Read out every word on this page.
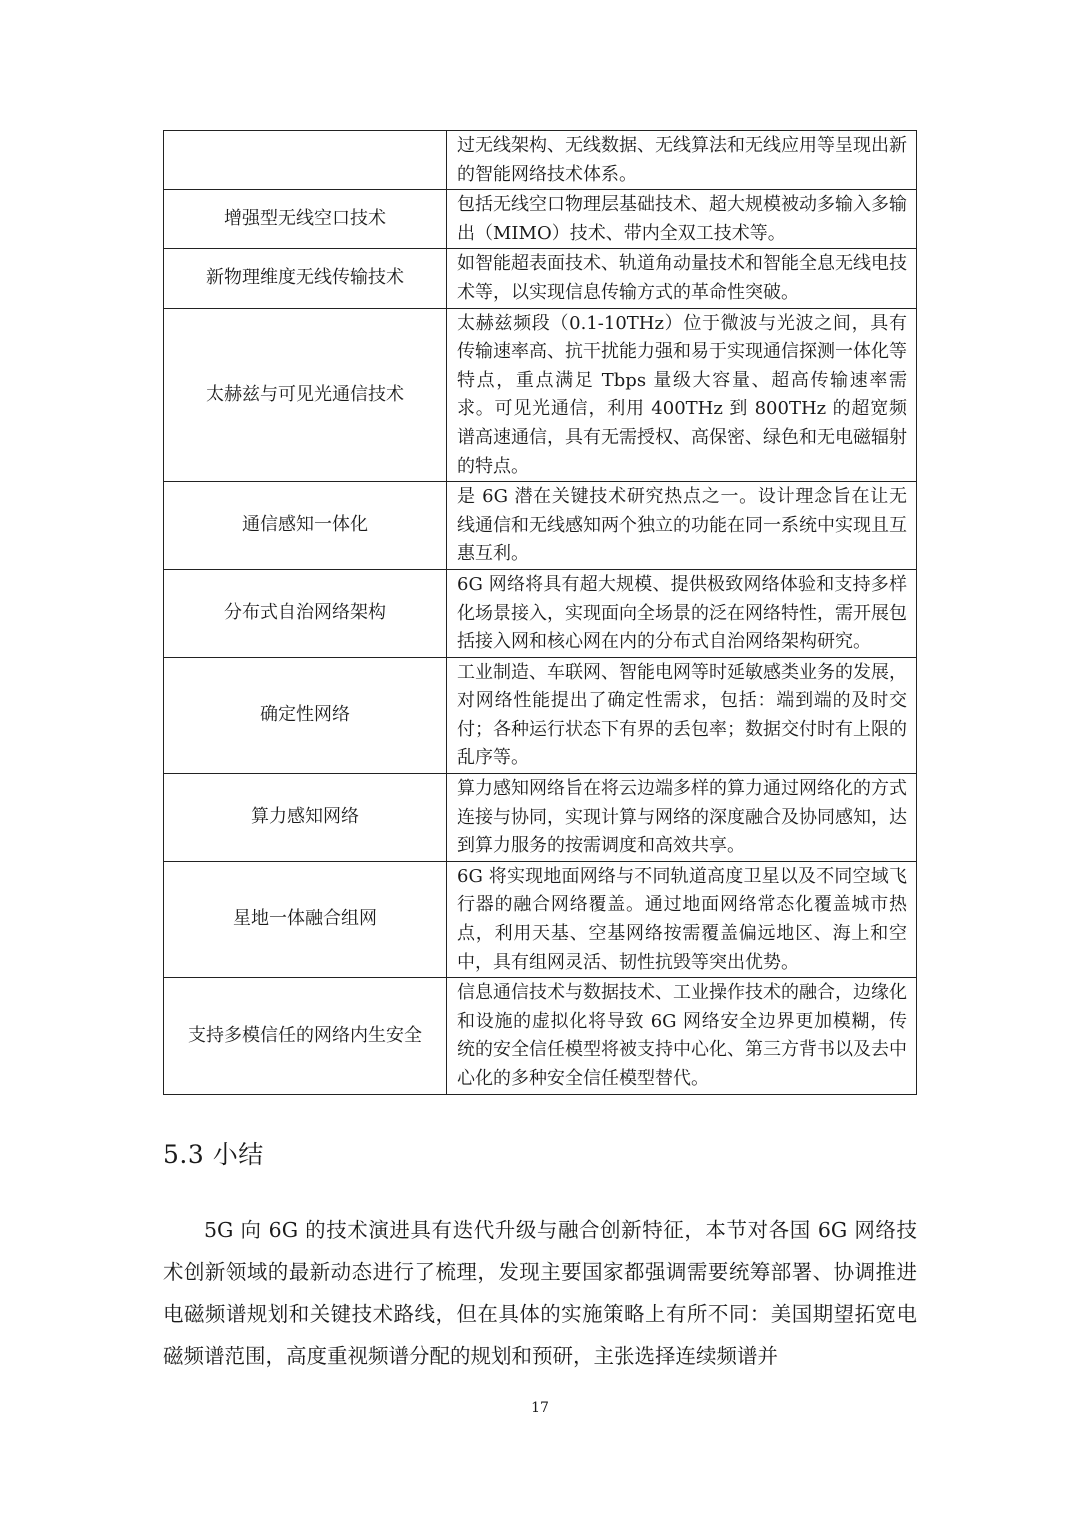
	过无线架构、无线数据、无线算法和无线应用等呈现出新的智能网络技术体系。
增强型无线空口技术	包括无线空口物理层基础技术、超大规模被动多输入多输出（MIMO）技术、带内全双工技术等。
新物理维度无线传输技术	如智能超表面技术、轨道角动量技术和智能全息无线电技术等，以实现信息传输方式的革命性突破。
太赫兹与可见光通信技术	太赫兹频段（0.1-10THz）位于微波与光波之间，具有传输速率高、抗干扰能力强和易于实现通信探测一体化等特点，重点满足 Tbps 量级大容量、超高传输速率需求。可见光通信，利用 400THz 到 800THz 的超宽频谱高速通信，具有无需授权、高保密、绿色和无电磁辐射的特点。
通信感知一体化	是 6G 潜在关键技术研究热点之一。设计理念旨在让无线通信和无线感知两个独立的功能在同一系统中实现且互惠互利。
分布式自治网络架构	6G 网络将具有超大规模、提供极致网络体验和支持多样化场景接入，实现面向全场景的泛在网络特性，需开展包括接入网和核心网在内的分布式自治网络架构研究。
确定性网络	工业制造、车联网、智能电网等时延敏感类业务的发展，对网络性能提出了确定性需求，包括：端到端的及时交付；各种运行状态下有界的丢包率；数据交付时有上限的乱序等。
算力感知网络	算力感知网络旨在将云边端多样的算力通过网络化的方式连接与协同，实现计算与网络的深度融合及协同感知，达到算力服务的按需调度和高效共享。
星地一体融合组网	6G 将实现地面网络与不同轨道高度卫星以及不同空域飞行器的融合网络覆盖。通过地面网络常态化覆盖城市热点，利用天基、空基网络按需覆盖偏远地区、海上和空中，具有组网灵活、韧性抗毁等突出优势。
支持多模信任的网络内生安全	信息通信技术与数据技术、工业操作技术的融合，边缘化和设施的虚拟化将导致 6G 网络安全边界更加模糊，传统的安全信任模型将被支持中心化、第三方背书以及去中心化的多种安全信任模型替代。
5.3 小结

5G 向 6G 的技术演进具有迭代升级与融合创新特征，本节对各国 6G 网络技术创新领域的最新动态进行了梳理，发现主要国家都强调需要统筹部署、协调推进电磁频谱规划和关键技术路线，但在具体的实施策略上有所不同：美国期望拓宽电磁频谱范围，高度重视频谱分配的规划和预研，主张选择连续频谱并

17
